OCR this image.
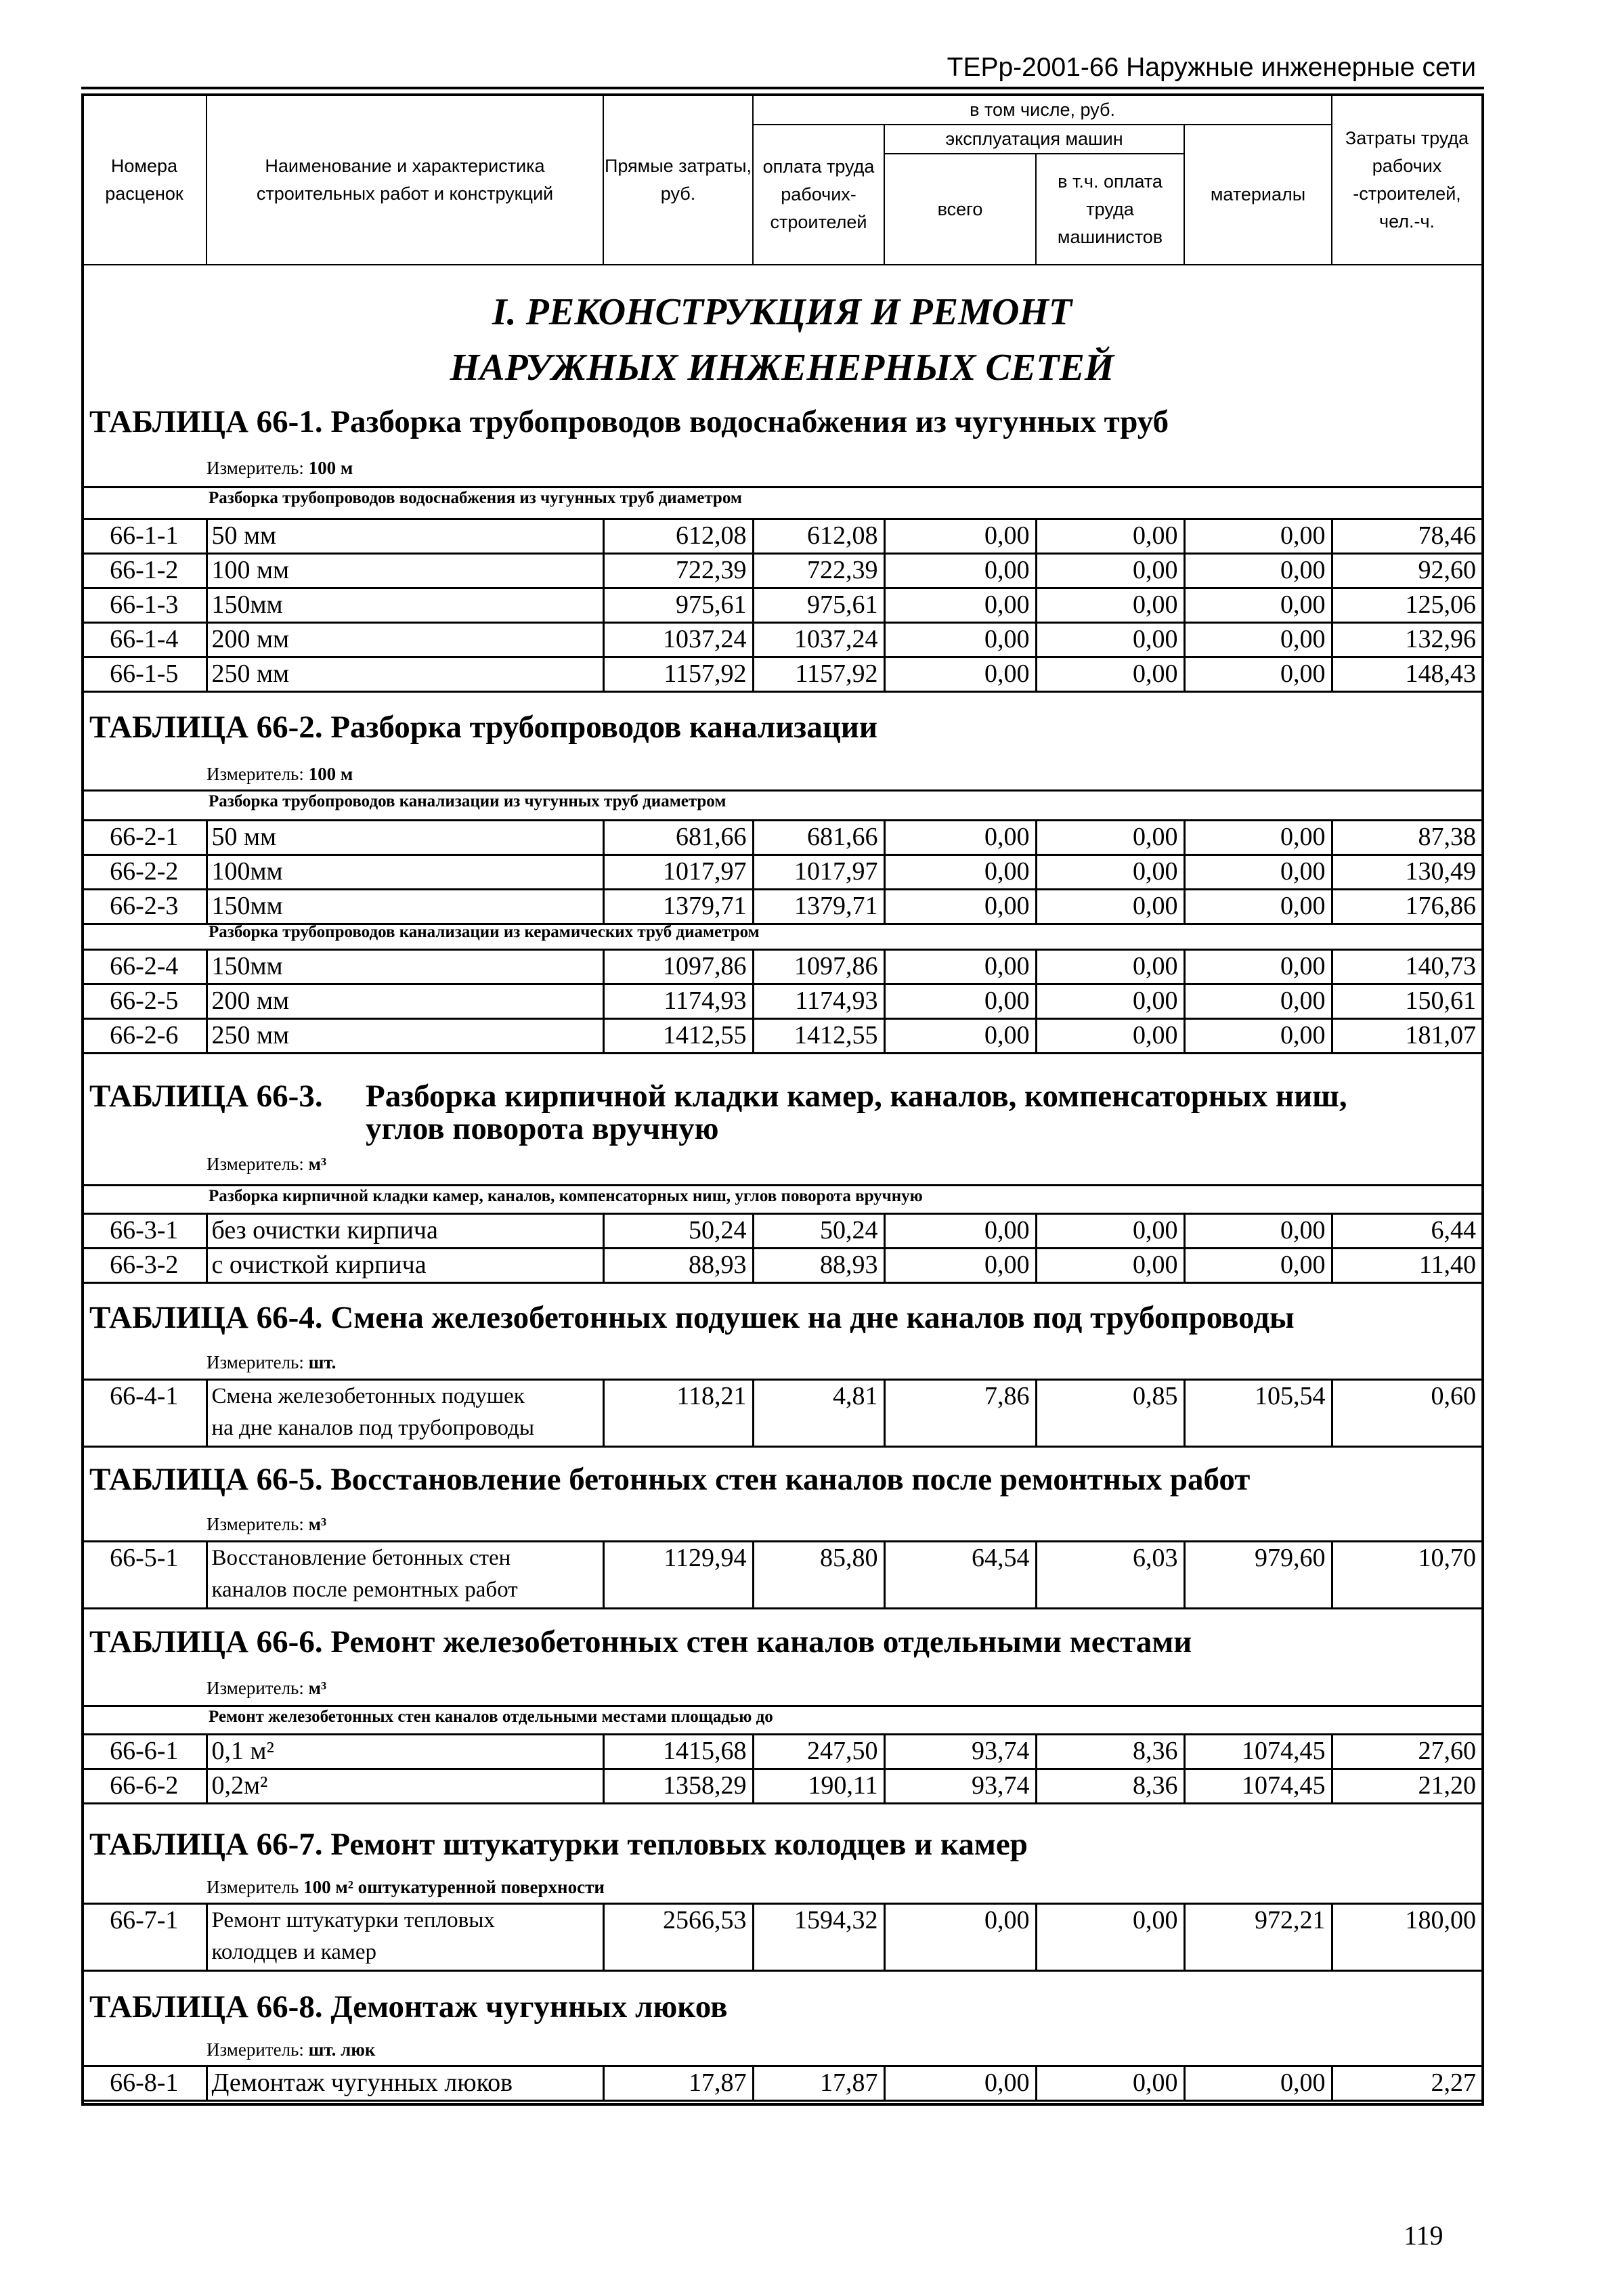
ТЕРр-2001-66 Наружные инженерные сети
Номера расценок	Наименование и характеристика строительных работ и конструкций	Прямые затраты, руб.	в том числе, руб.				Затраты труда рабочих -строителей, чел.-ч.
			оплата труда рабочих-строителей	эксплуатация машин		материалы	
				всего	в т.ч. оплата труда машинистов		

I. РЕКОНСТРУКЦИЯ И РЕМОНТ
НАРУЖНЫХ ИНЖЕНЕРНЫХ СЕТЕЙ
ТАБЛИЦА 66-1. Разборка трубопроводов водоснабжения из чугунных труб
Измеритель: 100 м
Разборка трубопроводов водоснабжения из чугунных труб диаметром
66-1-1	50 мм	612,08	612,08	0,00	0,00	0,00	78,46
66-1-2	100 мм	722,39	722,39	0,00	0,00	0,00	92,60
66-1-3	150мм	975,61	975,61	0,00	0,00	0,00	125,06
66-1-4	200 мм	1037,24	1037,24	0,00	0,00	0,00	132,96
66-1-5	250 мм	1157,92	1157,92	0,00	0,00	0,00	148,43
ТАБЛИЦА 66-2. Разборка трубопроводов канализации
Измеритель: 100 м
Разборка трубопроводов канализации из чугунных труб диаметром
66-2-1	50 мм	681,66	681,66	0,00	0,00	0,00	87,38
66-2-2	100мм	1017,97	1017,97	0,00	0,00	0,00	130,49
66-2-3	150мм	1379,71	1379,71	0,00	0,00	0,00	176,86
Разборка трубопроводов канализации из керамических труб диаметром
66-2-4	150мм	1097,86	1097,86	0,00	0,00	0,00	140,73
66-2-5	200 мм	1174,93	1174,93	0,00	0,00	0,00	150,61
66-2-6	250 мм	1412,55	1412,55	0,00	0,00	0,00	181,07
ТАБЛИЦА 66-3. Разборка кирпичной кладки камер, каналов, компенсаторных ниш,
углов поворота вручную
Измеритель: м³
Разборка кирпичной кладки камер, каналов, компенсаторных ниш, углов поворота вручную
66-3-1	без очистки кирпича	50,24	50,24	0,00	0,00	0,00	6,44
66-3-2	с очисткой кирпича	88,93	88,93	0,00	0,00	0,00	11,40
ТАБЛИЦА 66-4. Смена железобетонных подушек на дне каналов под трубопроводы
Измеритель: шт.
66-4-1	Смена железобетонных подушек
на дне каналов под трубопроводы
	118,21	4,81	7,86	0,85	105,54	0,60
ТАБЛИЦА 66-5. Восстановление бетонных стен каналов после ремонтных работ
Измеритель: м³
66-5-1	Восстановление бетонных стен
каналов после ремонтных работ
	1129,94	85,80	64,54	6,03	979,60	10,70
ТАБЛИЦА 66-6. Ремонт железобетонных стен каналов отдельными местами
Измеритель: м³
Ремонт железобетонных стен каналов отдельными местами площадью до
66-6-1	0,1 м²	1415,68	247,50	93,74	8,36	1074,45	27,60
66-6-2	0,2м²	1358,29	190,11	93,74	8,36	1074,45	21,20
ТАБЛИЦА 66-7. Ремонт штукатурки тепловых колодцев и камер
Измеритель 100 м² оштукатуренной поверхности
66-7-1	Ремонт штукатурки тепловых
колодцев и камер
	2566,53	1594,32	0,00	0,00	972,21	180,00
ТАБЛИЦА 66-8. Демонтаж чугунных люков
Измеритель: шт. люк
66-8-1	Демонтаж чугунных люков	17,87	17,87	0,00	0,00	0,00	2,27
119
